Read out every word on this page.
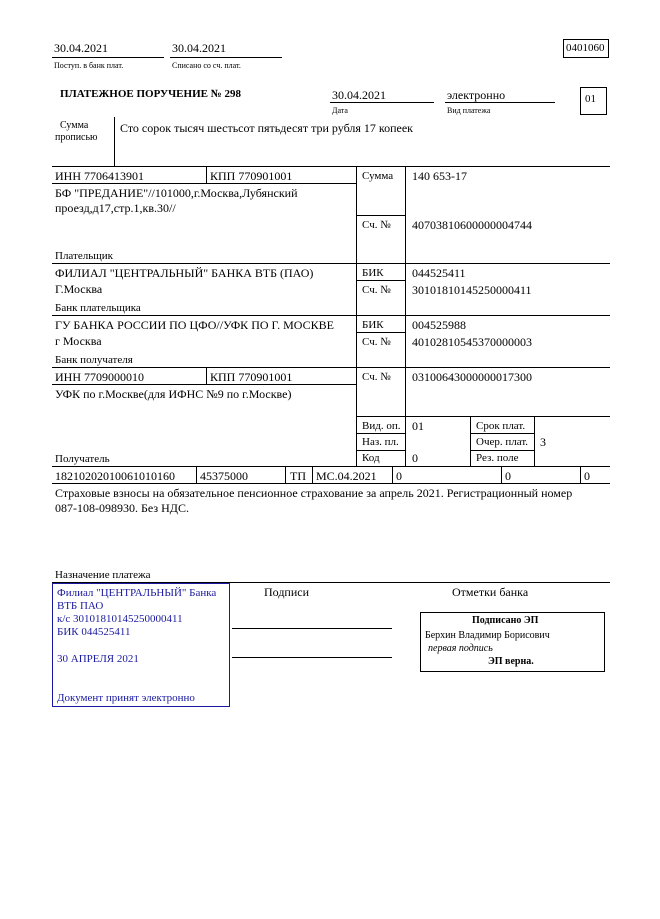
30.04.2021
Поступ. в банк плат.
30.04.2021
Списано со сч. плат.
0401060
ПЛАТЕЖНОЕ ПОРУЧЕНИЕ № 298	30.04.2021
Дата
электронно
Вид платежа
01
Сумма
прописью
Сто сорок тысяч шестьсот пятьдесят три рубля 17 копеек
ИНН 7706413901	КПП 770901001
БФ "ПРЕДАНИЕ"//101000,г.Москва,Лубянский
проезд,д17,стр.1,кв.30//
Плательщик
Сумма 140 653-17
Сч. № 40703810600000004744
ФИЛИАЛ "ЦЕНТРАЛЬНЫЙ" БАНКА ВТБ (ПАО)
Г.Москва
Банк плательщика
БИК 044525411
Сч. № 30101810145250000411
ГУ БАНКА РОССИИ ПО ЦФО//УФК ПО Г. МОСКВЕ
г Москва
Банк получателя
БИК 004525988
Сч. № 40102810545370000003
ИНН 7709000010	КПП 770901001
УФК по г.Москве(для ИФНС №9 по г.Москве)
Получатель
Сч. № 03100643000000017300
Вид. оп. 01	Срок плат.
Наз. пл.	Очер. плат. 3
Код	0	Рез. поле
18210202010061010160 45375000	ТП МС.04.2021 0	0	0
Страховые взносы на обязательное пенсионное страхование за апрель 2021. Регистрационный номер
087-108-098930. Без НДС.
Назначение платежа
Филиал "ЦЕНТРАЛЬНЫЙ" Банка
ВТБ ПАО
к/с 30101810145250000411
БИК 044525411
30 АПРЕЛЯ 2021
Документ принят электронно
Подписи	Отметки банка
Подписано ЭП
Берхин Владимир Борисович
первая подпись
ЭП верна.
